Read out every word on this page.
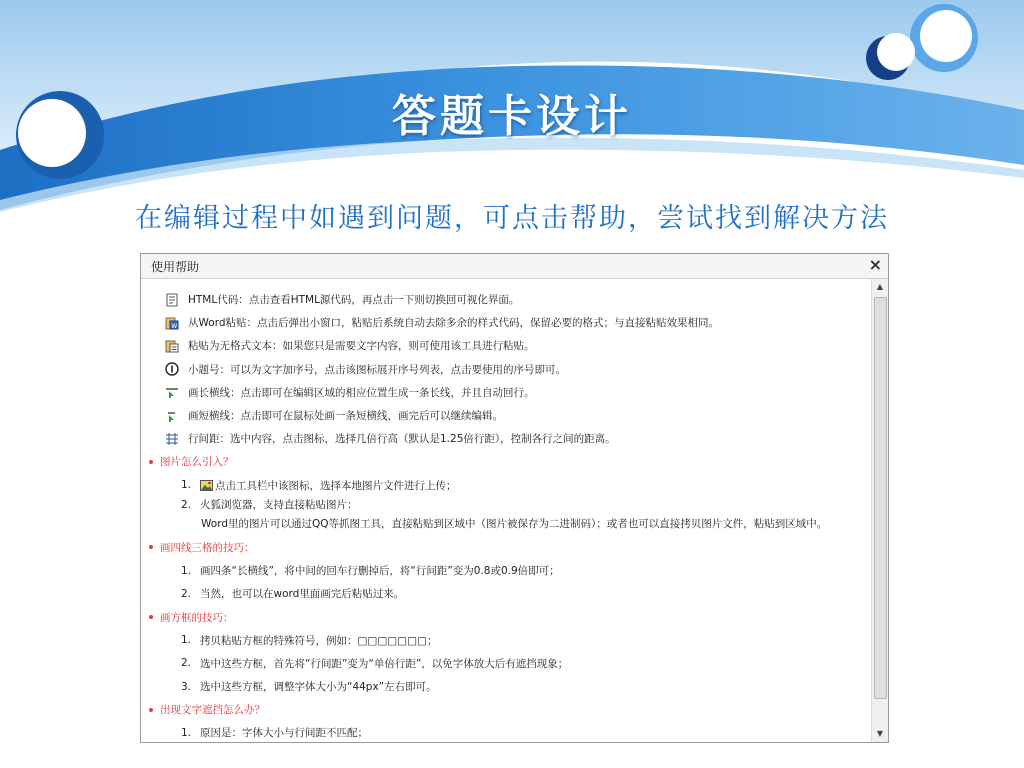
答题卡设计
在编辑过程中如遇到问题，可点击帮助，尝试找到解决方法
使用帮助	×
HTML代码：点击查看HTML源代码，再点击一下则切换回可视化界面。
W 从Word粘贴：点击后弹出小窗口，粘贴后系统自动去除多余的样式代码，保留必要的格式；与直接粘贴效果相同。
粘贴为无格式文本：如果您只是需要文字内容，则可使用该工具进行粘贴。
小题号：可以为文字加序号，点击该图标展开序号列表，点击要使用的序号即可。
画长横线：点击即可在编辑区域的相应位置生成一条长线，并且自动回行。
画短横线：点击即可在鼠标处画一条短横线，画完后可以继续编辑。
行间距：选中内容，点击图标，选择几倍行高（默认是1.25倍行距），控制各行之间的距离。
图片怎么引入？
1.	点击工具栏中该图标，选择本地图片文件进行上传；
2. 火狐浏览器，支持直接粘贴图片：
Word里的图片可以通过QQ等抓图工具，直接粘贴到区域中（图片被保存为二进制码）；或者也可以直接拷贝图片文件，粘贴到区域中。
画四线三格的技巧：
1. 画四条“长横线”，将中间的回车行删掉后，将“行间距”变为0.8或0.9倍即可；
2. 当然，也可以在word里面画完后粘贴过来。
画方框的技巧：
1. 拷贝粘贴方框的特殊符号，例如：□□□□□□□；
2. 选中这些方框，首先将“行间距”变为“单倍行距”，以免字体放大后有遮挡现象；
3. 选中这些方框，调整字体大小为“44px”左右即可。
出现文字遮挡怎么办？
1. 原因是：字体大小与行间距不匹配；
▲
▼
